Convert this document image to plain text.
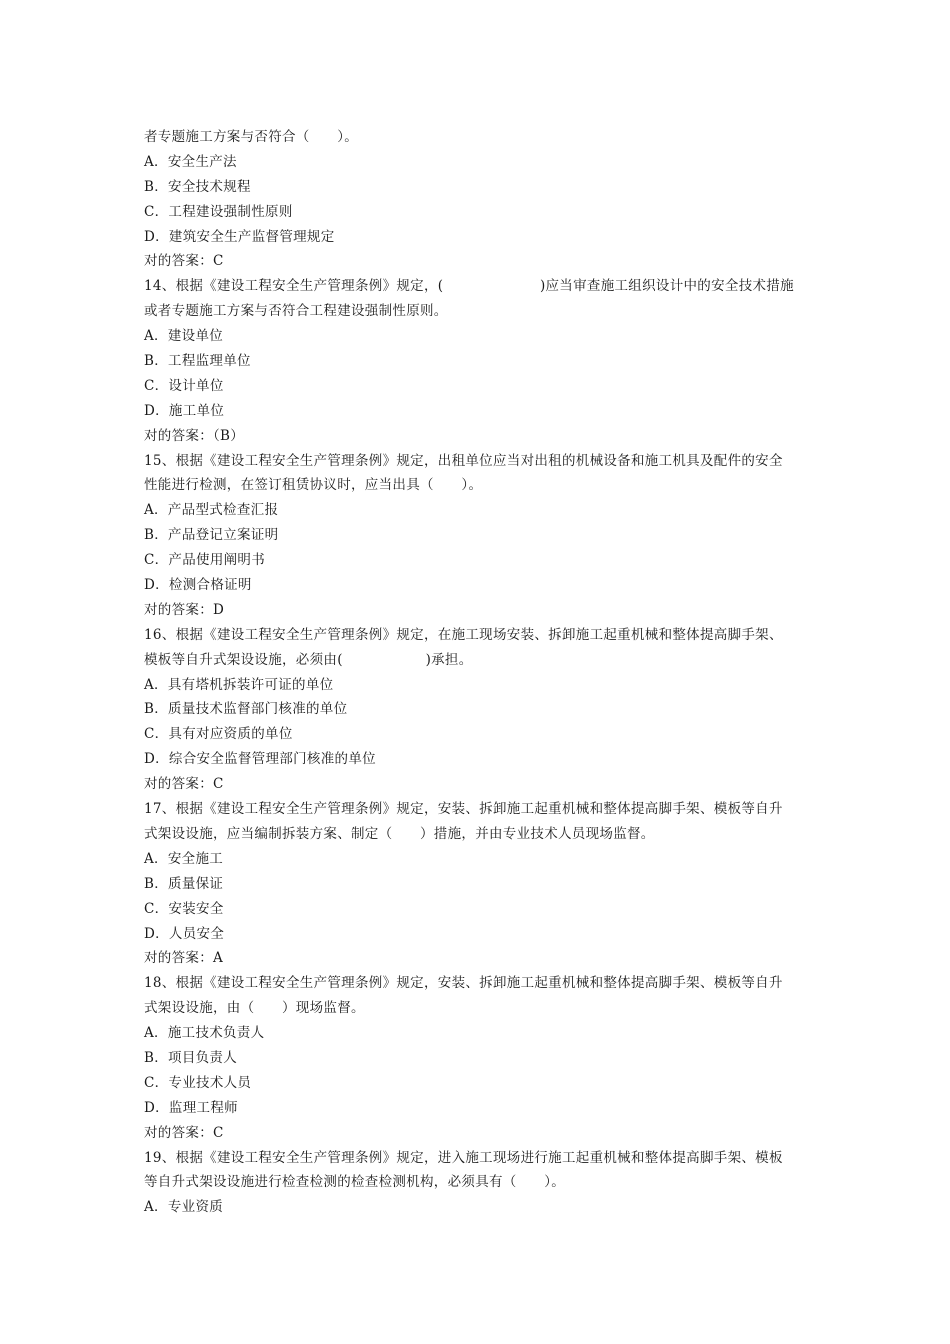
者专题施工方案与否符合（　　）。
A．安全生产法
B．安全技术规程
C．工程建设强制性原则
D．建筑安全生产监督管理规定
对的答案：C
14、根据《建设工程安全生产管理条例》规定，(　　　　　　　)应当审查施工组织设计中的安全技术措施
或者专题施工方案与否符合工程建设强制性原则。
A．建设单位
B．工程监理单位
C．设计单位
D．施工单位
对的答案：（B）
15、根据《建设工程安全生产管理条例》规定，出租单位应当对出租的机械设备和施工机具及配件的安全
性能进行检测，在签订租赁协议时，应当出具（　　）。
A．产品型式检查汇报
B．产品登记立案证明
C．产品使用阐明书
D．检测合格证明
对的答案：D
16、根据《建设工程安全生产管理条例》规定，在施工现场安装、拆卸施工起重机械和整体提高脚手架、
模板等自升式架设设施，必须由(　　　　　　)承担。
A．具有塔机拆装许可证的单位
B．质量技术监督部门核准的单位
C．具有对应资质的单位
D．综合安全监督管理部门核准的单位
对的答案：C
17、根据《建设工程安全生产管理条例》规定，安装、拆卸施工起重机械和整体提高脚手架、模板等自升
式架设设施，应当编制拆装方案、制定（　　）措施，并由专业技术人员现场监督。
A．安全施工
B．质量保证
C．安装安全
D．人员安全
对的答案：A
18、根据《建设工程安全生产管理条例》规定，安装、拆卸施工起重机械和整体提高脚手架、模板等自升
式架设设施，由（　　）现场监督。
A．施工技术负责人
B．项目负责人
C．专业技术人员
D．监理工程师
对的答案：C
19、根据《建设工程安全生产管理条例》规定，进入施工现场进行施工起重机械和整体提高脚手架、模板
等自升式架设设施进行检查检测的检查检测机构，必须具有（　　）。
A．专业资质
